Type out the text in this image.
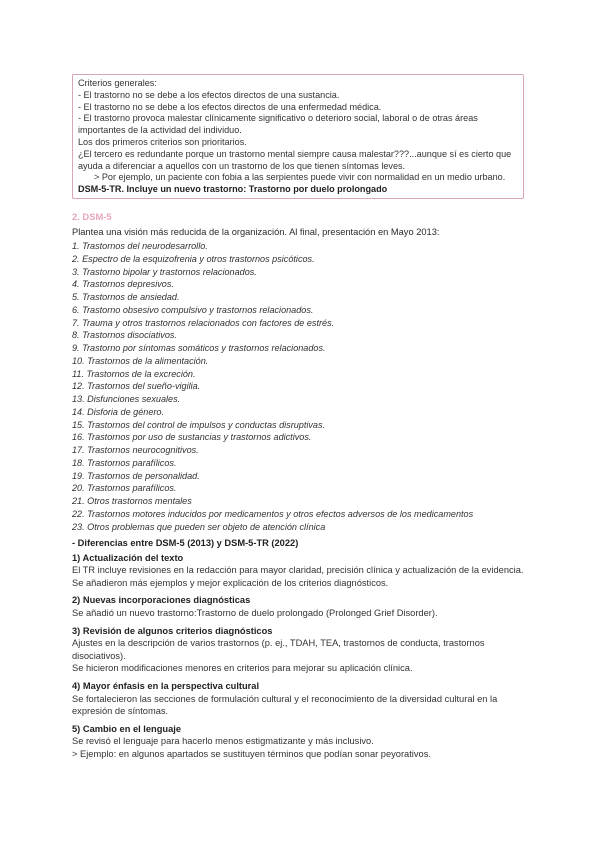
Criterios generales:

- El trastorno no se debe a los efectos directos de una sustancia.

- El trastorno no se debe a los efectos directos de una enfermedad médica.

- El trastorno provoca malestar clínicamente significativo o deterioro social, laboral o de otras áreas importantes de la actividad del individuo.

Los dos primeros criterios son prioritarios.

¿El tercero es redundante porque un trastorno mental siempre causa malestar???...aunque sí es cierto que ayuda a diferenciar a aquellos con un trastorno de los que tienen síntomas leves.

> Por ejemplo, un paciente con fobia a las serpientes puede vivir con normalidad en un medio urbano.

DSM-5-TR. Incluye un nuevo trastorno: Trastorno por duelo prolongado

2. DSM-5
Plantea una visión más reducida de la organización. Al final, presentación en Mayo 2013:
1. Trastornos del neurodesarrollo.
2. Espectro de la esquizofrenia y otros trastornos psicóticos.
3. Trastorno bipolar y trastornos relacionados.
4. Trastornos depresivos.
5. Trastornos de ansiedad.
6. Trastorno obsesivo compulsivo y trastornos relacionados.
7. Trauma y otros trastornos relacionados con factores de estrés.
8. Trastornos disociativos.
9. Trastorno por síntomas somáticos y trastornos relacionados.
10. Trastornos de la alimentación.
11. Trastornos de la excreción.
12. Trastornos del sueño-vigilia.
13. Disfunciones sexuales.
14. Disforia de género.
15. Trastornos del control de impulsos y conductas disruptivas.
16. Trastornos por uso de sustancias y trastornos adictivos.
17. Trastornos neurocognitivos.
18. Trastornos parafílicos.
19. Trastornos de personalidad.
20. Trastornos parafílicos.
21. Otros trastornos mentales
22. Trastornos motores inducidos por medicamentos y otros efectos adversos de los medicamentos
23. Otros problemas que pueden ser objeto de atención clínica

- Diferencias entre DSM-5 (2013) y DSM-5-TR (2022)

1) Actualización del texto

El TR incluye revisiones en la redacción para mayor claridad, precisión clínica y actualización de la evidencia.

Se añadieron más ejemplos y mejor explicación de los criterios diagnósticos.

2) Nuevas incorporaciones diagnósticas

Se añadió un nuevo trastorno:Trastorno de duelo prolongado (Prolonged Grief Disorder).

3) Revisión de algunos criterios diagnósticos

Ajustes en la descripción de varios trastornos (p. ej., TDAH, TEA, trastornos de conducta, trastornos disociativos).

Se hicieron modificaciones menores en criterios para mejorar su aplicación clínica.

4) Mayor énfasis en la perspectiva cultural

Se fortalecieron las secciones de formulación cultural y el reconocimiento de la diversidad cultural en la expresión de síntomas.

5) Cambio en el lenguaje

Se revisó el lenguaje para hacerlo menos estigmatizante y más inclusivo.

> Ejemplo: en algunos apartados se sustituyen términos que podían sonar peyorativos.
